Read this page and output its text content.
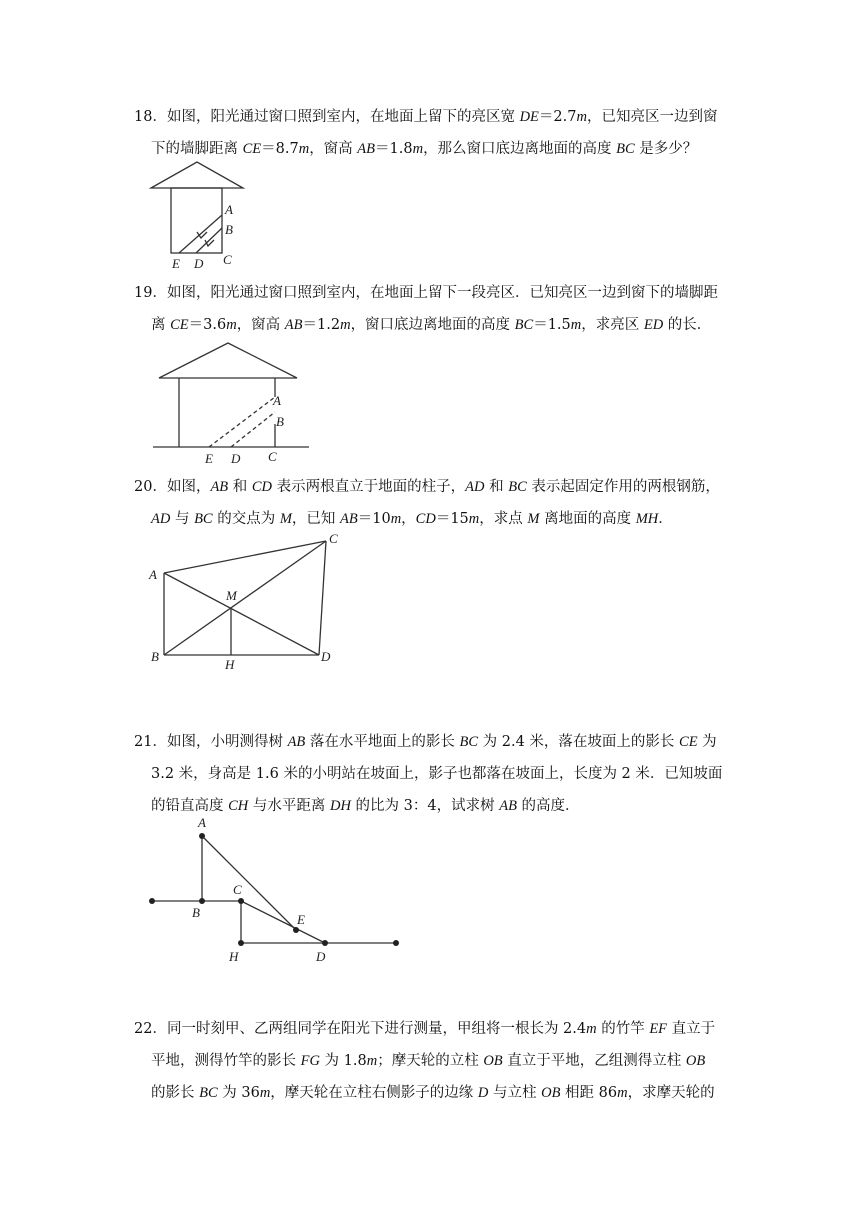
18．如图，阳光通过窗口照到室内，在地面上留下的亮区宽 DE＝2.7m，已知亮区一边到窗

下的墙脚距离 CE＝8.7m，窗高 AB＝1.8m，那么窗口底边离地面的高度 BC 是多少？

A
B
E D C

19．如图，阳光通过窗口照到室内，在地面上留下一段亮区．已知亮区一边到窗下的墙脚距

离 CE＝3.6m，窗高 AB＝1.2m，窗口底边离地面的高度 BC＝1.5m，求亮区 ED 的长．

A
B
E D C

20．如图，AB 和 CD 表示两根直立于地面的柱子，AD 和 BC 表示起固定作用的两根钢筋，

AD 与 BC 的交点为 M，已知 AB＝10m，CD＝15m，求点 M 离地面的高度 MH．

A
C
M
B
H
D

21．如图，小明测得树 AB 落在水平地面上的影长 BC 为 2.4 米，落在坡面上的影长 CE 为

3.2 米，身高是 1.6 米的小明站在坡面上，影子也都落在坡面上，长度为 2 米．已知坡面

的铅直高度 CH 与水平距离 DH 的比为 3：4，试求树 AB 的高度．

A
C
B	E
H	D

22．同一时刻甲、乙两组同学在阳光下进行测量，甲组将一根长为 2.4m 的竹竿 EF 直立于

平地，测得竹竿的影长 FG 为 1.8m；摩天轮的立柱 OB 直立于平地，乙组测得立柱 OB

的影长 BC 为 36m，摩天轮在立柱右侧影子的边缘 D 与立柱 OB 相距 86m，求摩天轮的
